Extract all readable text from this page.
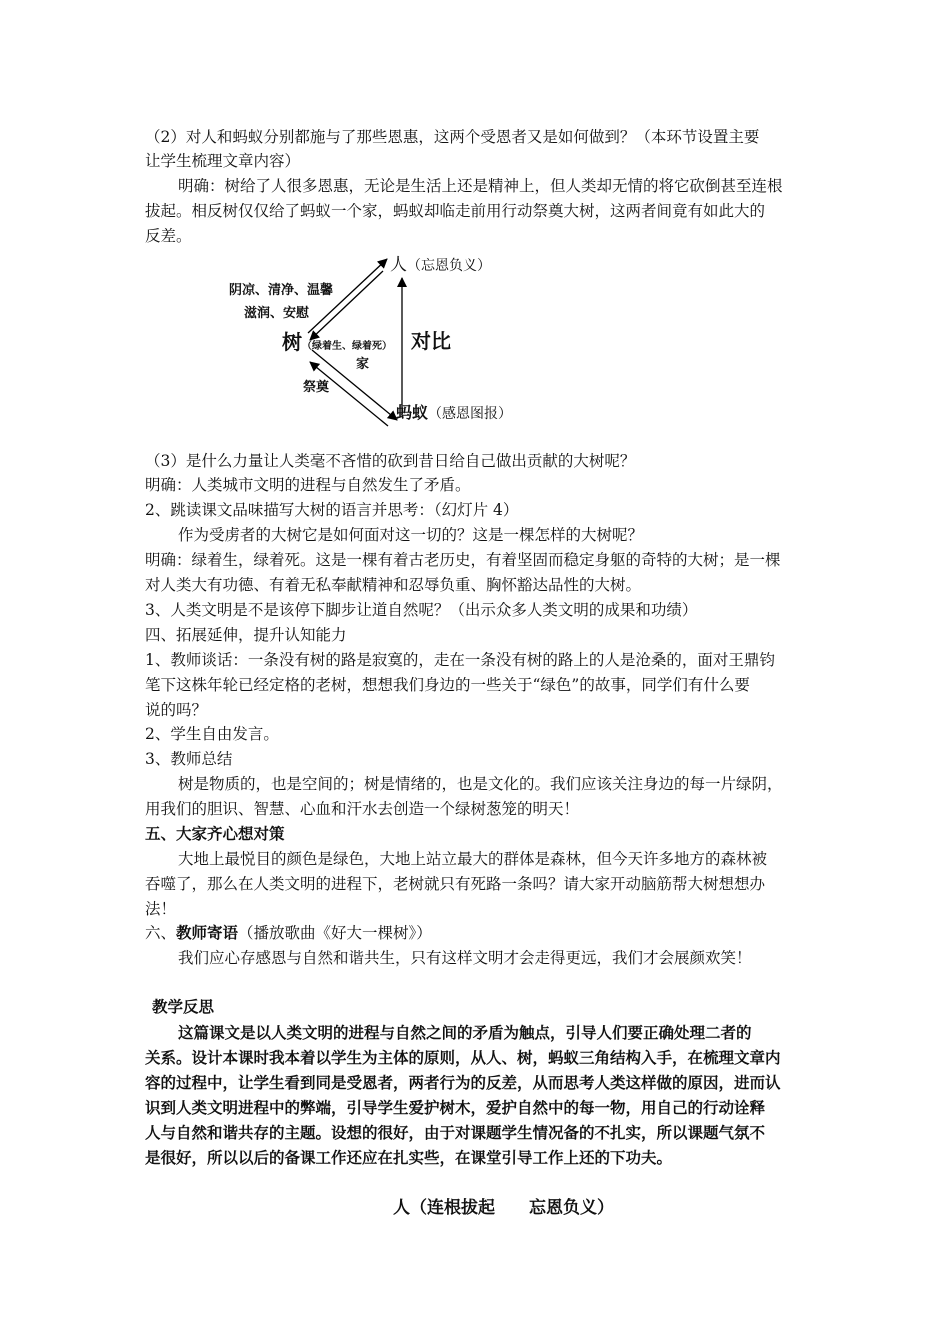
（2）对人和蚂蚁分别都施与了那些恩惠，这两个受恩者又是如何做到？（本环节设置主要
让学生梳理文章内容）
明确：树给了人很多恩惠，无论是生活上还是精神上，但人类却无情的将它砍倒甚至连根
拔起。相反树仅仅给了蚂蚁一个家，蚂蚁却临走前用行动祭奠大树，这两者间竟有如此大的
反差。
人（忘恩负义）
阴凉、清净、温馨
滋润、安慰
树（绿着生、绿着死） 对比
家
祭奠
蚂蚁（感恩图报）
（3）是什么力量让人类毫不吝惜的砍到昔日给自己做出贡献的大树呢？
明确：人类城市文明的进程与自然发生了矛盾。
2、跳读课文品味描写大树的语言并思考：（幻灯片 4）
作为受虏者的大树它是如何面对这一切的？这是一棵怎样的大树呢？
明确：绿着生，绿着死。这是一棵有着古老历史，有着坚固而稳定身躯的奇特的大树；是一棵
对人类大有功德、有着无私奉献精神和忍辱负重、胸怀豁达品性的大树。
3、人类文明是不是该停下脚步让道自然呢？（出示众多人类文明的成果和功绩）
四、拓展延伸，提升认知能力
1、教师谈话：一条没有树的路是寂寞的，走在一条没有树的路上的人是沧桑的，面对王鼎钧
笔下这株年轮已经定格的老树，想想我们身边的一些关于“绿色”的故事，同学们有什么要
说的吗？
2、学生自由发言。
3、教师总结
树是物质的，也是空间的；树是情绪的，也是文化的。我们应该关注身边的每一片绿阴，
用我们的胆识、智慧、心血和汗水去创造一个绿树葱笼的明天！
五、大家齐心想对策
大地上最悦目的颜色是绿色，大地上站立最大的群体是森林，但今天许多地方的森林被
吞噬了，那么在人类文明的进程下，老树就只有死路一条吗？请大家开动脑筋帮大树想想办
法！
六、教师寄语（播放歌曲《好大一棵树》）
我们应心存感恩与自然和谐共生，只有这样文明才会走得更远，我们才会展颜欢笑！
教学反思
这篇课文是以人类文明的进程与自然之间的矛盾为触点，引导人们要正确处理二者的
关系。设计本课时我本着以学生为主体的原则，从人、树，蚂蚁三角结构入手，在梳理文章内
容的过程中，让学生看到同是受恩者，两者行为的反差，从而思考人类这样做的原因，进而认
识到人类文明进程中的弊端，引导学生爱护树木，爱护自然中的每一物，用自己的行动诠释
人与自然和谐共存的主题。设想的很好，由于对课题学生情况备的不扎实，所以课题气氛不
是很好，所以以后的备课工作还应在扎实些，在课堂引导工作上还的下功夫。
人（连根拔起　　忘恩负义）
